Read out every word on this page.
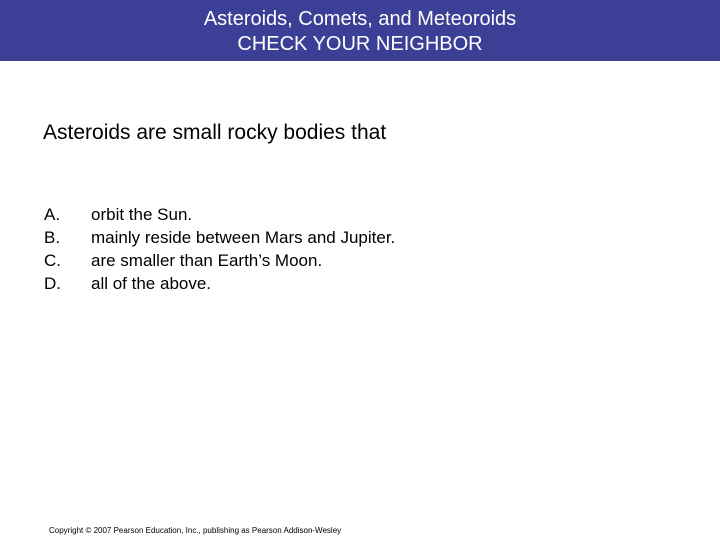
Asteroids, Comets, and Meteoroids
CHECK YOUR NEIGHBOR
Asteroids are small rocky bodies that
A.	orbit the Sun.
B.	mainly reside between Mars and Jupiter.
C.	are smaller than Earth’s Moon.
D.	all of the above.
Copyright © 2007 Pearson Education, Inc., publishing as Pearson Addison-Wesley
